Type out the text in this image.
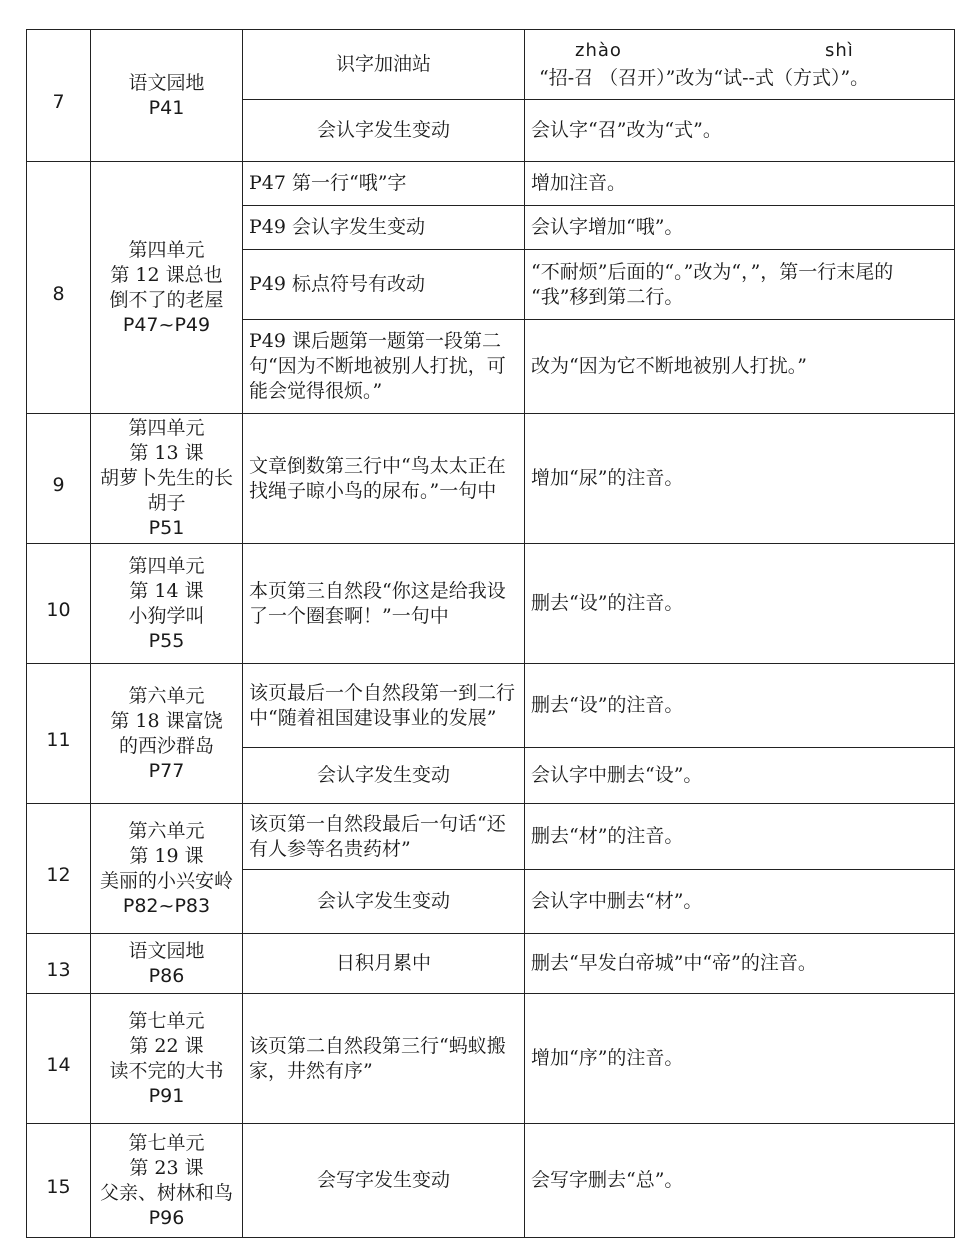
7	语文园地
P41	识字加油站	zhào shì
“招-召 （召开）”改为“试--式（方式）”。

		会认字发生变动	会认字“召”改为“式”。
8	第四单元
第 12 课总也
倒不了的老屋
P47~P49	P47 第一行“哦”字	增加注音。
		P49 会认字发生变动	会认字增加“哦”。
		P49 标点符号有改动	“不耐烦”后面的“。”改为“，”，第一行末尾的
“我”移到第二行。

		P49 课后题第一题第一段第二句“因为不断地被别人打扰，可能会觉得很烦。”	改为“因为它不断地被别人打扰。”
9	第四单元
第 13 课
胡萝卜先生的长
胡子
P51	文章倒数第三行中“鸟太太正在找绳子晾小鸟的尿布。”一句中	增加“尿”的注音。
10	第四单元
第 14 课
小狗学叫
P55	本页第三自然段“你这是给我设了一个圈套啊！”一句中	删去“设”的注音。
11	第六单元
第 18 课富饶
的西沙群岛
P77	该页最后一个自然段第一到二行中“随着祖国建设事业的发展”	删去“设”的注音。
		会认字发生变动	会认字中删去“设”。
12	第六单元
第 19 课
美丽的小兴安岭
P82~P83	该页第一自然段最后一句话“还有人参等名贵药材”	删去“材”的注音。
		会认字发生变动	会认字中删去“材”。
13	语文园地
P86	日积月累中	删去“早发白帝城”中“帝”的注音。
14	第七单元
第 22 课
读不完的大书
P91	该页第二自然段第三行“蚂蚁搬家，井然有序”	增加“序”的注音。
15	第七单元
第 23 课
父亲、树林和鸟
P96	会写字发生变动	会写字删去“总”。
